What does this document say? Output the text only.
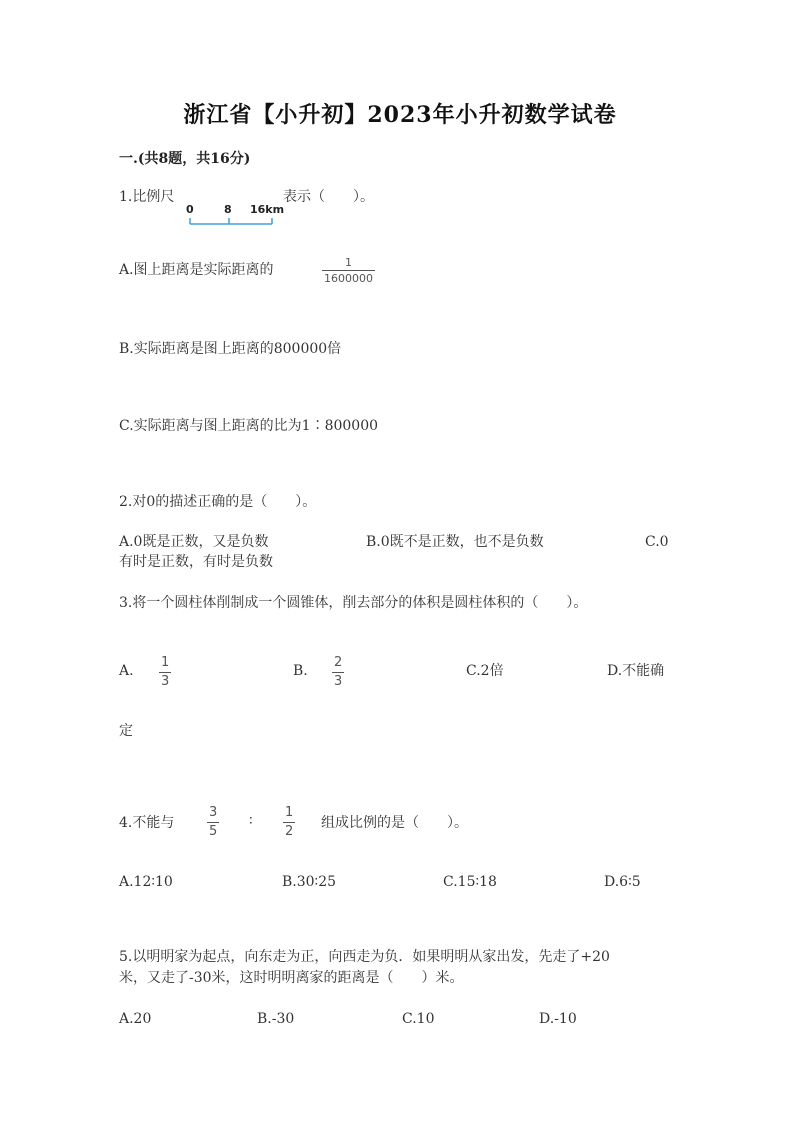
浙江省【小升初】2023年小升初数学试卷
一.(共8题，共16分)
1.比例尺
0	8 16km
表示（　　）。
A.图上距离是实际距离的	1
1600000
B.实际距离是图上距离的800000倍
C.实际距离与图上距离的比为1∶800000
2.对0的描述正确的是（　　）。
A.0既是正数，又是负数	B.0既不是正数，也不是负数	C.0
有时是正数，有时是负数
3.将一个圆柱体削制成一个圆锥体，削去部分的体积是圆柱体积的（　　）。
A.
1
3
B.
2
3
C.2倍	D.不能确
定
4.不能与
3
5
∶
1
2
组成比例的是（　　）。
A.12∶10	B.30∶25	C.15∶18	D.6∶5
5.以明明家为起点，向东走为正，向西走为负．如果明明从家出发，先走了+20
米，又走了-30米，这时明明离家的距离是（　　）米。
A.20	B.-30	C.10	D.-10
